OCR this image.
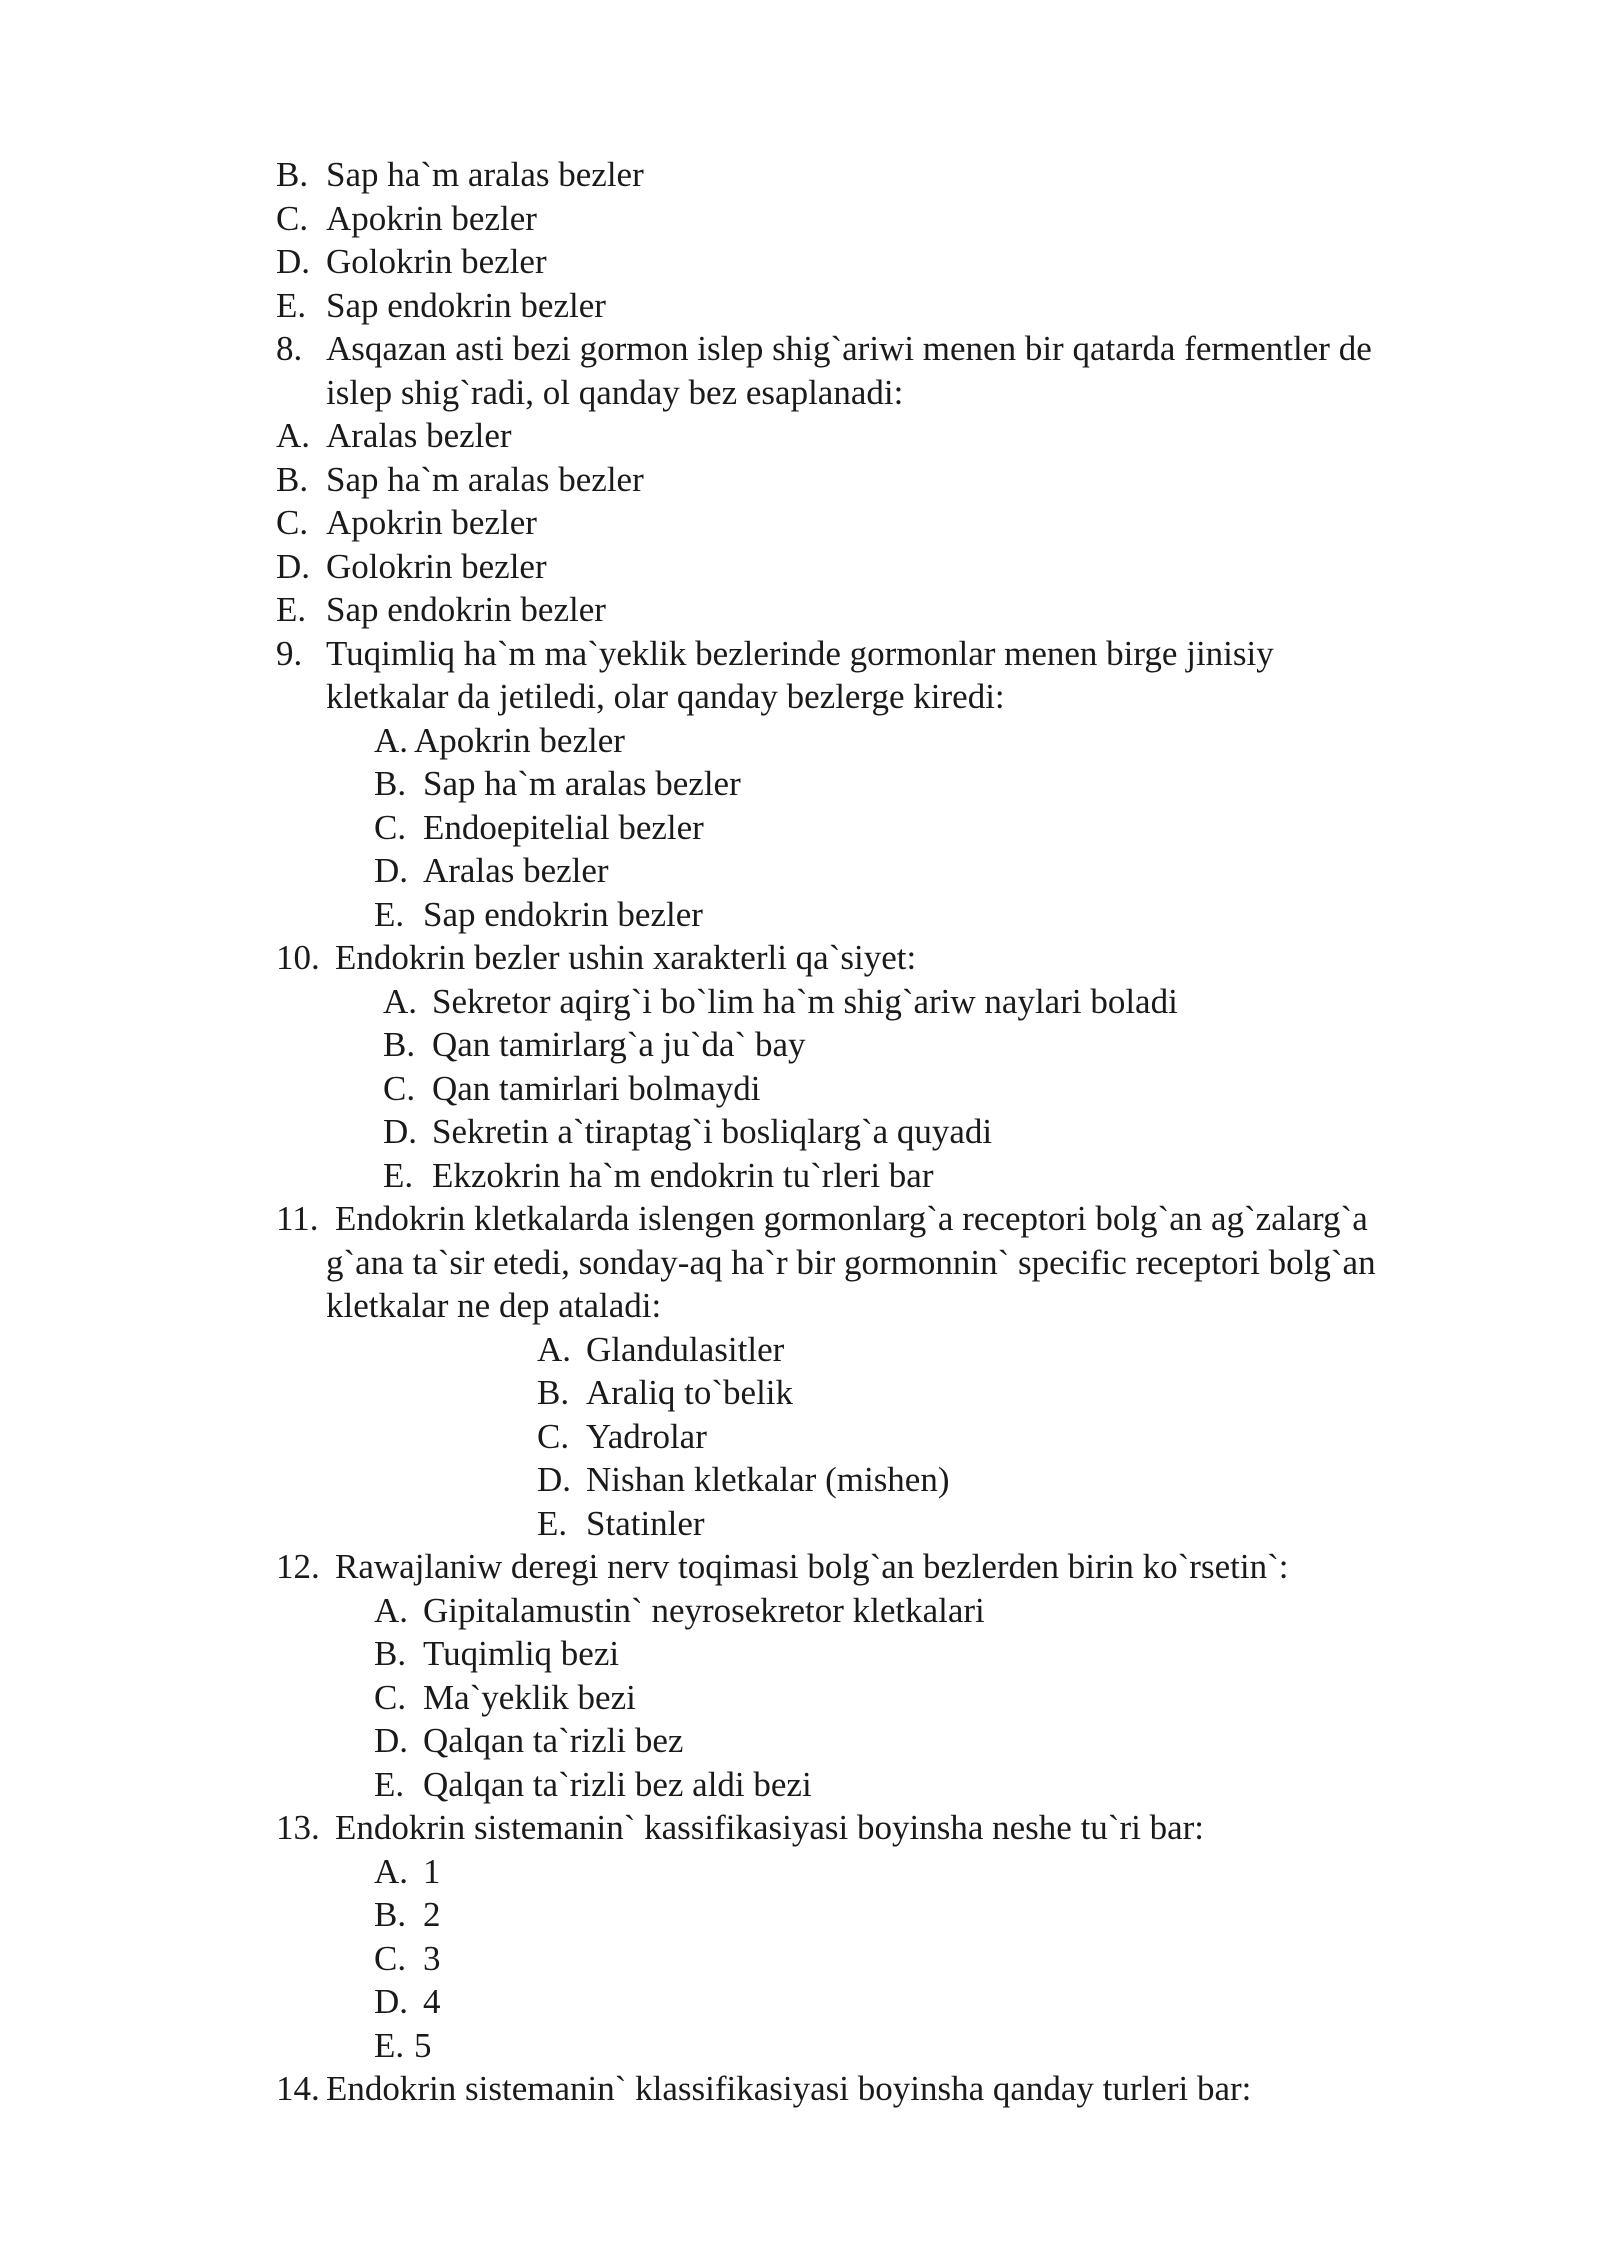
B. Sap ha`m aralas bezler
C. Apokrin bezler
D. Golokrin bezler
E. Sap endokrin bezler
8. Asqazan asti bezi gormon islep shig`ariwi menen bir qatarda fermentler de
islep shig`radi, ol qanday bez esaplanadi:
A. Aralas bezler
B. Sap ha`m aralas bezler
C. Apokrin bezler
D. Golokrin bezler
E. Sap endokrin bezler
9. Tuqimliq ha`m ma`yeklik bezlerinde gormonlar menen birge jinisiy
kletkalar da jetiledi, olar qanday bezlerge kiredi:
A. Apokrin bezler
B. Sap ha`m aralas bezler
C. Endoepitelial bezler
D. Aralas bezler
E. Sap endokrin bezler
10. Endokrin bezler ushin xarakterli qa`siyet:
A. Sekretor aqirg`i bo`lim ha`m shig`ariw naylari boladi
B. Qan tamirlarg`a ju`da` bay
C. Qan tamirlari bolmaydi
D. Sekretin a`tiraptag`i bosliqlarg`a quyadi
E. Ekzokrin ha`m endokrin tu`rleri bar
11. Endokrin kletkalarda islengen gormonlarg`a receptori bolg`an ag`zalarg`a
g`ana ta`sir etedi, sonday-aq ha`r bir gormonnin` specific receptori bolg`an
kletkalar ne dep ataladi:
A. Glandulasitler
B. Araliq to`belik
C. Yadrolar
D. Nishan kletkalar (mishen)
E. Statinler
12. Rawajlaniw deregi nerv toqimasi bolg`an bezlerden birin ko`rsetin`:
A. Gipitalamustin` neyrosekretor kletkalari
B. Tuqimliq bezi
C. Ma`yeklik bezi
D. Qalqan ta`rizli bez
E. Qalqan ta`rizli bez aldi bezi
13. Endokrin sistemanin` kassifikasiyasi boyinsha neshe tu`ri bar:
A. 1
B. 2
C. 3
D. 4
E. 5
14. Endokrin sistemanin` klassifikasiyasi boyinsha qanday turleri bar:
